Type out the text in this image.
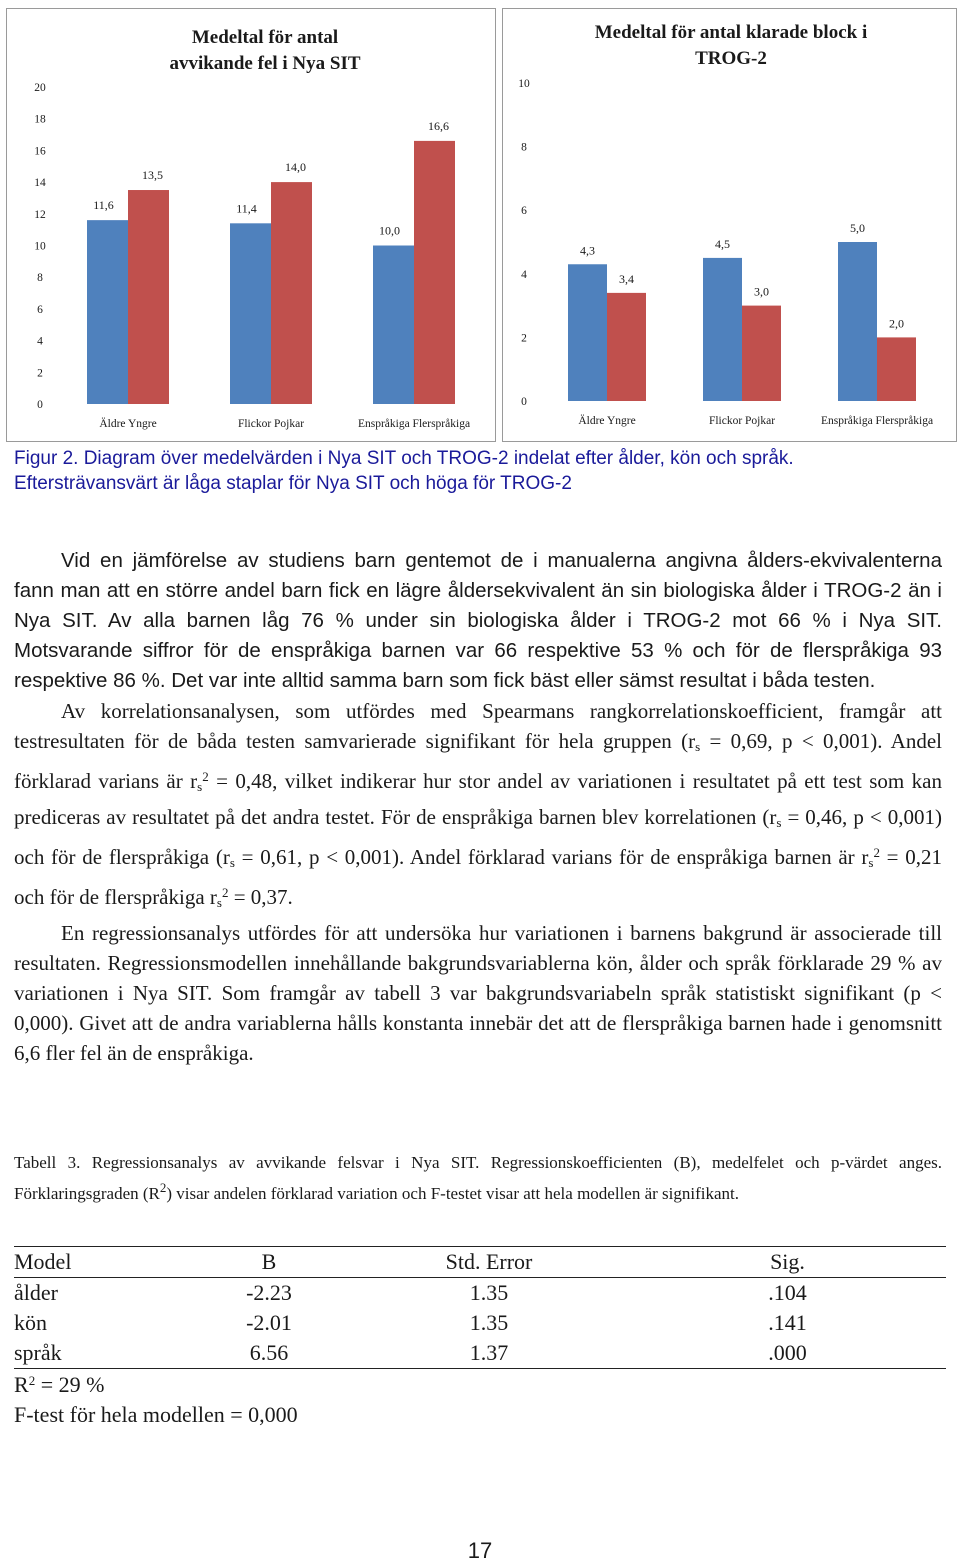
Medeltal för antal
avvikande fel i Nya SIT
0
2
4
6
8
10
12
14
16
18
20
11,6
13,5
Äldre Yngre
11,4
14,0
Flickor Pojkar
10,0
16,6
Enspråkiga Flerspråkiga
Medeltal för antal klarade block i
TROG-2
0
2
4
6
8
10
4,3
3,4
Äldre Yngre
4,5
3,0
Flickor Pojkar
5,0
2,0
Enspråkiga Flerspråkiga
Figur 2. Diagram över medelvärden i Nya SIT och TROG-2 indelat efter ålder, kön och språk.
Eftersträvansvärt är låga staplar för Nya SIT och höga för TROG-2

Vid en jämförelse av studiens barn gentemot de i manualerna angivna ålders-ekvivalenterna fann man att en större andel barn fick en lägre åldersekvivalent än sin biologiska ålder i TROG-2 än i Nya SIT. Av alla barnen låg 76 % under sin biologiska ålder i TROG-2 mot 66 % i Nya SIT. Motsvarande siffror för de enspråkiga barnen var 66 respektive 53 % och för de flerspråkiga 93 respektive 86 %. Det var inte alltid samma barn som fick bäst eller sämst resultat i båda testen.

Av korrelationsanalysen, som utfördes med Spearmans rangkorrelationskoefficient, framgår att testresultaten för de båda testen samvarierade signifikant för hela gruppen ($r_s = 0,69$, p < 0,001). Andel förklarad varians är $r_s^2 = 0,48$, vilket indikerar hur stor andel av variationen i resultatet på ett test som kan prediceras av resultatet på det andra testet. För de enspråkiga barnen blev korrelationen ($r_s = 0,46$, p < 0,001) och för de flerspråkiga ($r_s = 0,61$, p < 0,001). Andel förklarad varians för de enspråkiga barnen är $r_s^2 = 0,21$ och för de flerspråkiga $r_s^2 = 0,37$.

En regressionsanalys utfördes för att undersöka hur variationen i barnens bakgrund är associerade till resultaten. Regressionsmodellen innehållande bakgrundsvariablerna kön, ålder och språk förklarade 29 % av variationen i Nya SIT. Som framgår av tabell 3 var bakgrundsvariabeln språk statistiskt signifikant (p < 0,000). Givet att de andra variablerna hålls konstanta innebär det att de flerspråkiga barnen hade i genomsnitt 6,6 fler fel än de enspråkiga.

Tabell 3. Regressionsanalys av avvikande felsvar i Nya SIT. Regressionskoefficienten (B), medelfelet och p-värdet anges. Förklaringsgraden $(R^2)$ visar andelen förklarad variation och F-testet visar att hela modellen är signifikant.
Model	B	Std. Error	Sig.
ålder	-2.23	1.35	.104
kön	-2.01	1.35	.141
språk	6.56	1.37	.000
$R^2 = 29$ %
F-test för hela modellen = 0,000
17
